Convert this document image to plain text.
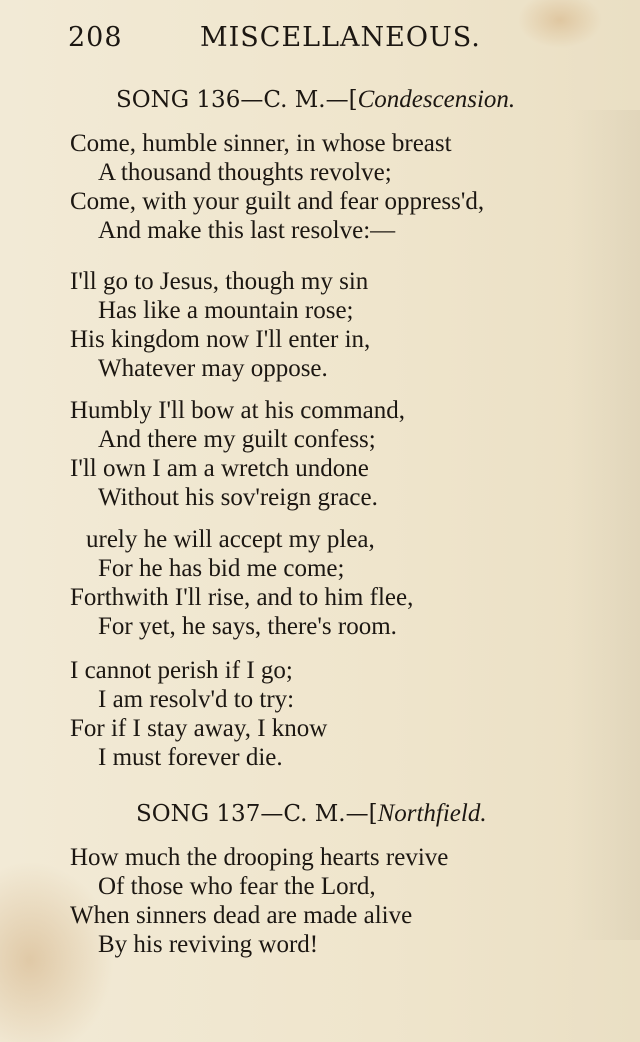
208	MISCELLANEOUS.
SONG 136—C. M.—[Condescension.
Come, humble sinner, in whose breast
A thousand thoughts revolve;
Come, with your guilt and fear oppress'd,
And make this last resolve:—
I'll go to Jesus, though my sin
Has like a mountain rose;
His kingdom now I'll enter in,
Whatever may oppose.
Humbly I'll bow at his command,
And there my guilt confess;
I'll own I am a wretch undone
Without his sov'reign grace.
urely he will accept my plea,
For he has bid me come;
Forthwith I'll rise, and to him flee,
For yet, he says, there's room.
I cannot perish if I go;
I am resolv'd to try:
For if I stay away, I know
I must forever die.
SONG 137—C. M.—[Northfield.
How much the drooping hearts revive
Of those who fear the Lord,
When sinners dead are made alive
By his reviving word!
